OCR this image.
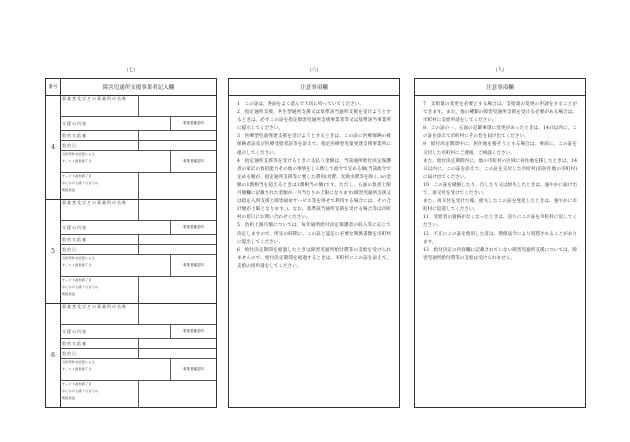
(七)	(八)	(九)
番号	障害児通所支援事業者記入欄
4
事業者及びその事業所の名称
支援の内容	事業者確認印
契約支給量
契約日
当該契約支給量による
サービス提供終了日	事業者確認印
サービス提供終了月
中における終了日までの
既提供量
5
事業者及びその事業所の名称
支援の内容	事業者確認印
契約支給量
契約日
当該契約支給量による
サービス提供終了日	事業者確認印
サービス提供終了月
中における終了日までの
既提供量
6
事業者及びその事業所の名称
支援の内容	事業者確認印
契約支給量
契約日
当該契約支給量による
サービス提供終了日	事業者確認印
サービス提供終了月
中における終了日までの
既提供量
注意事項欄

1　この証は、各面をよく読んで大切に持っていてください。

2　指定通所支援、共生型通所支援又は基準該当通所支援を受けようとするときは、必ずこの証を指定障害児通所支援事業者等又は基準該当事業所に提示してください。

3　医療型児童発達支援を受けようとするときは、この証に医療保険の被保険者証及び医療受給者証等を添えて、指定医療型児童発達支援事業所に提示してください。

4　指定通所支援等を受けるときに支払う金額は、当該通所給付決定保護者の家計の負担能力その他の事情をしん酌して政令で定める額(当該政令で定める額が、指定通所支援等に要した費用(食費、光熱水費等を除く。)の金額の1割相当を超えるときは1割相当の額)です。ただし、五面の負担上限月額欄に記載された金額が一月当たりの上限になります(障害児通所支援又は指定入所支援と障害福祉サービス等を併せて利用する場合には、その合計額が上限となります。)。なお、基準該当通所支援を受ける場合等は市町村の窓口にお問い合わせください。

5　負担上限月額については、毎年通所給付決定保護者の収入等に応じて決定しますので、所定の時期に、この証と認定に必要な関係書類を市町村に提出してください。

6　給付決定期間を経過したときは障害児通所給付費等の支給を受けられませんので、給付決定期間を経過するときは、市町村にこの証を添えて、支給の再申請をしてください。

注意事項欄

7　支給量の変更を必要とする場合は、支給量の変更の申請をすることができます。また、他の種類の障害児通所支援を受ける必要がある場合は、市町村に支給申請をしてください。

8　この証の一、五面の記載事項に変更があったときは、14日以内に、この証を添えて市町村にその旨を届け出てください。

9　給付決定期間中に、居住地を移そうとする場合は、事前に、この証を交付した市町村にご連絡、ご相談ください。

また、給付決定期間内に、他の市町村の区域に居住地を移したときは、14日以内に、この証を添えて、この証を交付した市町村(旧居住地の市町村)に届け出てください。

10　この証を破損したり、汚したり又は紛失したときは、速やかに届け出て、再交付を受けてください。

また、再交付を受けた後、紛失したこの証を発見したときは、速やかに市町村に返還してください。

11　受給者の資格がなくなったときは、直ちにこの証を市町村に返してください。

12　不正にこの証を使用した者は、関係法令により処罰されることがあります。

13　給付決定の内容欄に記載されていない障害児通所支援については、障害児通所給付費等の支給は受けられません。
